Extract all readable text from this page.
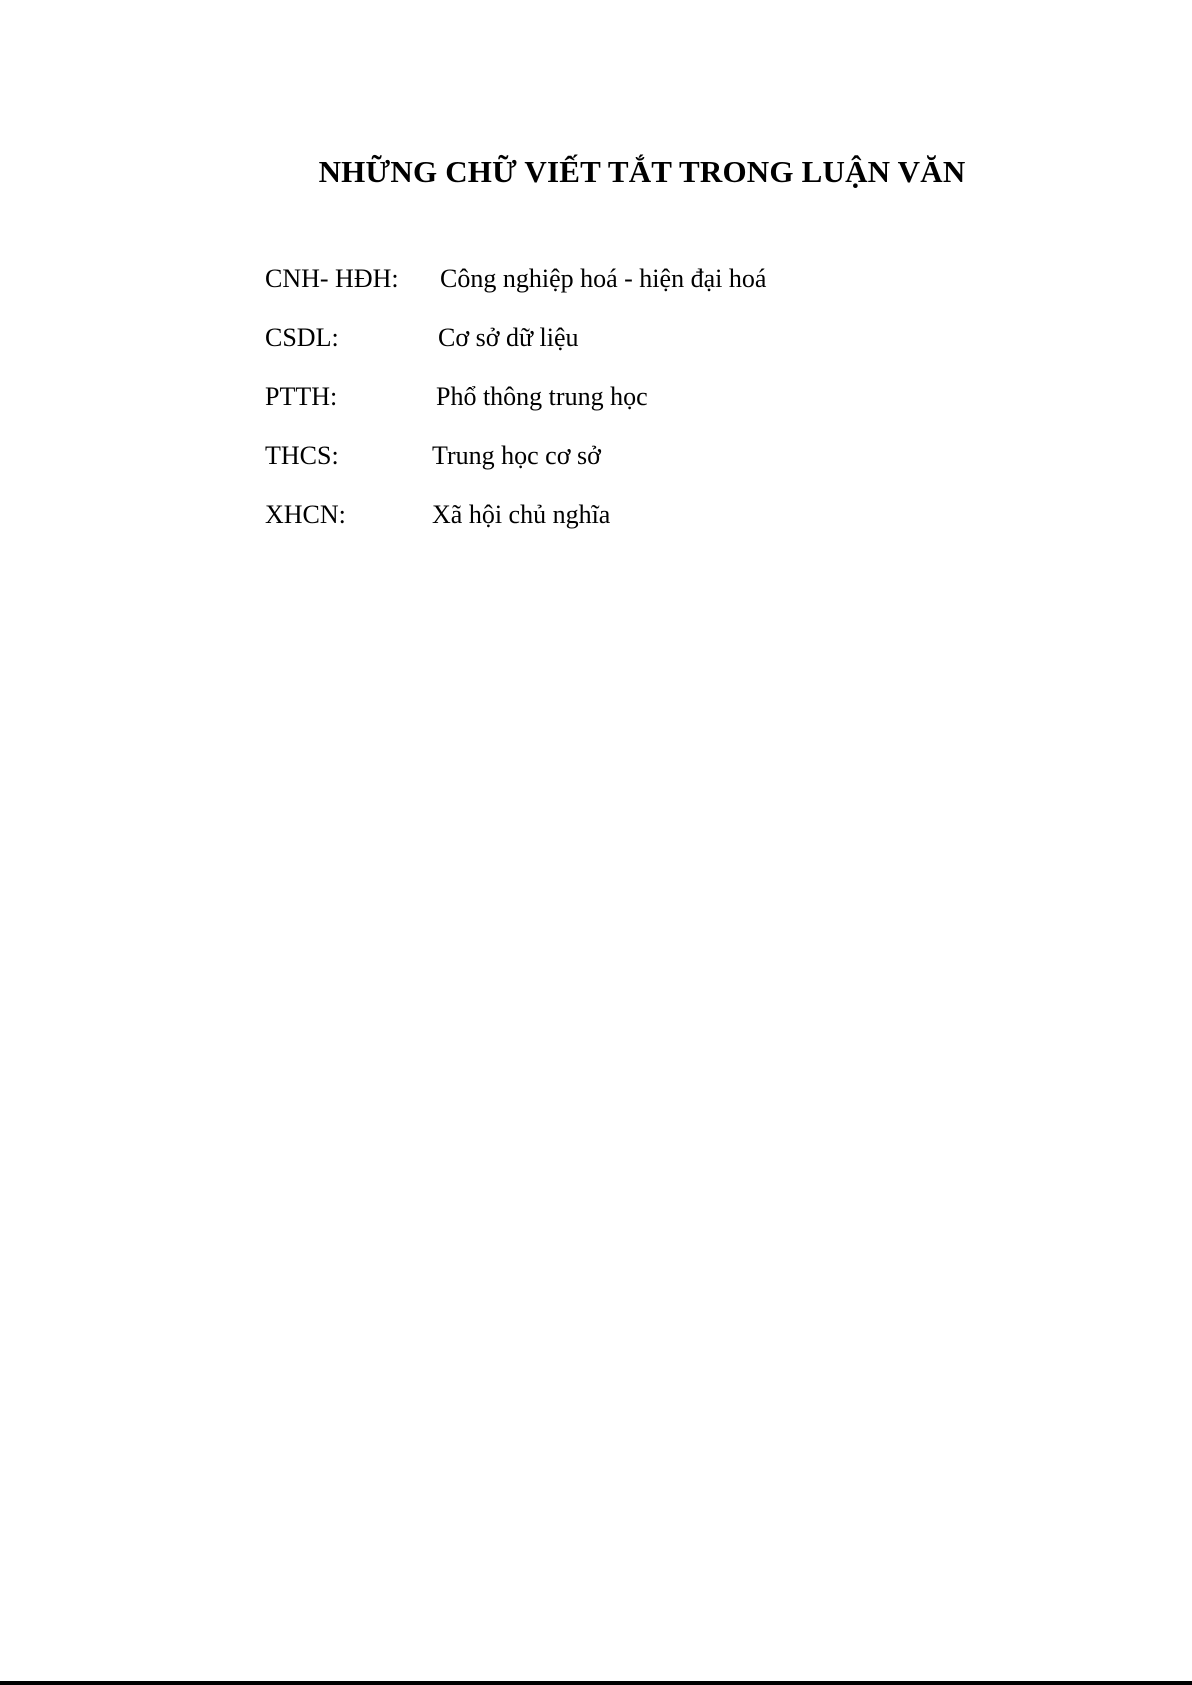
NHỮNG CHỮ VIẾT TẮT TRONG LUẬN VĂN
CNH- HĐH: Công nghiệp hoá - hiện đại hoá
CSDL:	Cơ sở dữ liệu
PTTH:	Phổ thông trung học
THCS:	Trung học cơ sở
XHCN:	Xã hội chủ nghĩa
